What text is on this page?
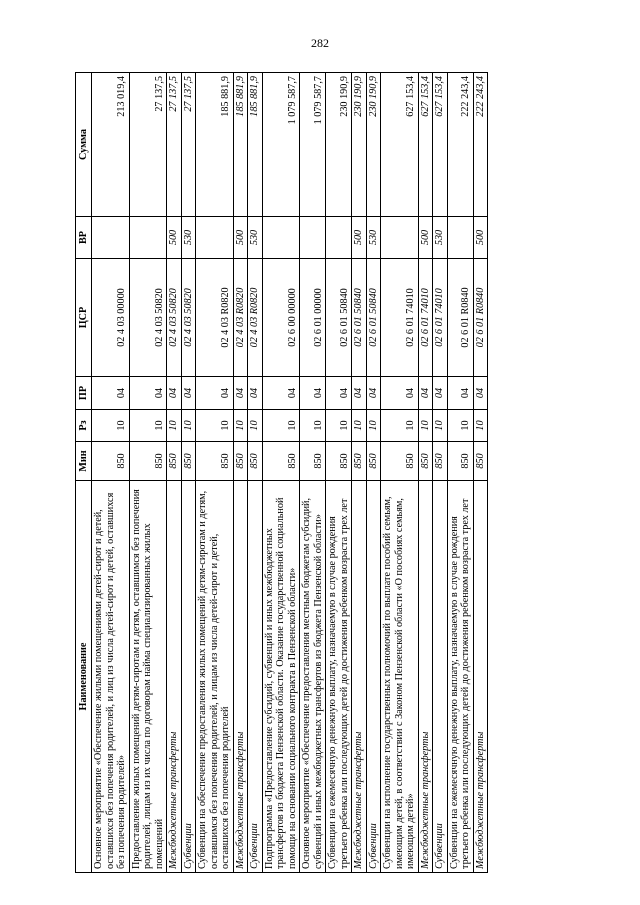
282
Наименование	Мин	Рз	ПР	ЦСР	ВР	Сумма
Основное мероприятие «Обеспечение жилыми помещениями детей-сирот и детей, оставшихся без попечения родителей, и лиц из числа детей-сирот и детей, оставшихся без попечения родителей»	850	10	04	02 4 03 00000		213 019,4
Предоставление жилых помещений детям-сиротам и детям, оставшимся без попечения родителей, лицам из их числа по договорам найма специализированных жилых помещений	850	10	04	02 4 03 50820		27 137,5
Межбюджетные трансферты	850	10	04	02 4 03 50820	500	27 137,5
Субвенции	850	10	04	02 4 03 50820	530	27 137,5
Субвенции на обеспечение предоставления жилых помещений детям-сиротам и детям, оставшимся без попечения родителей, и лицам из числа детей-сирот и детей, оставшихся без попечения родителей	850	10	04	02 4 03 R0820		185 881,9
Межбюджетные трансферты	850	10	04	02 4 03 R0820	500	185 881,9
Субвенции	850	10	04	02 4 03 R0820	530	185 881,9
Подпрограмма «Предоставление субсидий, субвенций и иных межбюджетных трансфертов из бюджета Пензенской области. Оказание государственной социальной помощи на основании социального контракта в Пензенской области»	850	10	04	02 6 00 00000		1 079 587,7
Основное мероприятие «Обеспечение предоставления местным бюджетам субсидий, субвенций и иных межбюджетных трансфертов из бюджета Пензенской области»	850	10	04	02 6 01 00000		1 079 587,7
Субвенции на ежемесячную денежную выплату, назначаемую в случае рождения третьего ребенка или последующих детей до достижения ребенком возраста трех лет	850	10	04	02 6 01 50840		230 190,9
Межбюджетные трансферты	850	10	04	02 6 01 50840	500	230 190,9
Субвенции	850	10	04	02 6 01 50840	530	230 190,9
Субвенции на исполнение государственных полномочий по выплате пособий семьям, имеющим детей, в соответствии с Законом Пензенской области «О пособиях семьям, имеющим детей»	850	10	04	02 6 01 74010		627 153,4
Межбюджетные трансферты	850	10	04	02 6 01 74010	500	627 153,4
Субвенции	850	10	04	02 6 01 74010	530	627 153,4
Субвенции на ежемесячную денежную выплату, назначаемую в случае рождения третьего ребенка или последующих детей до достижения ребенком возраста трех лет	850	10	04	02 6 01 R0840		222 243,4
Межбюджетные трансферты	850	10	04	02 6 01 R0840	500	222 243,4
